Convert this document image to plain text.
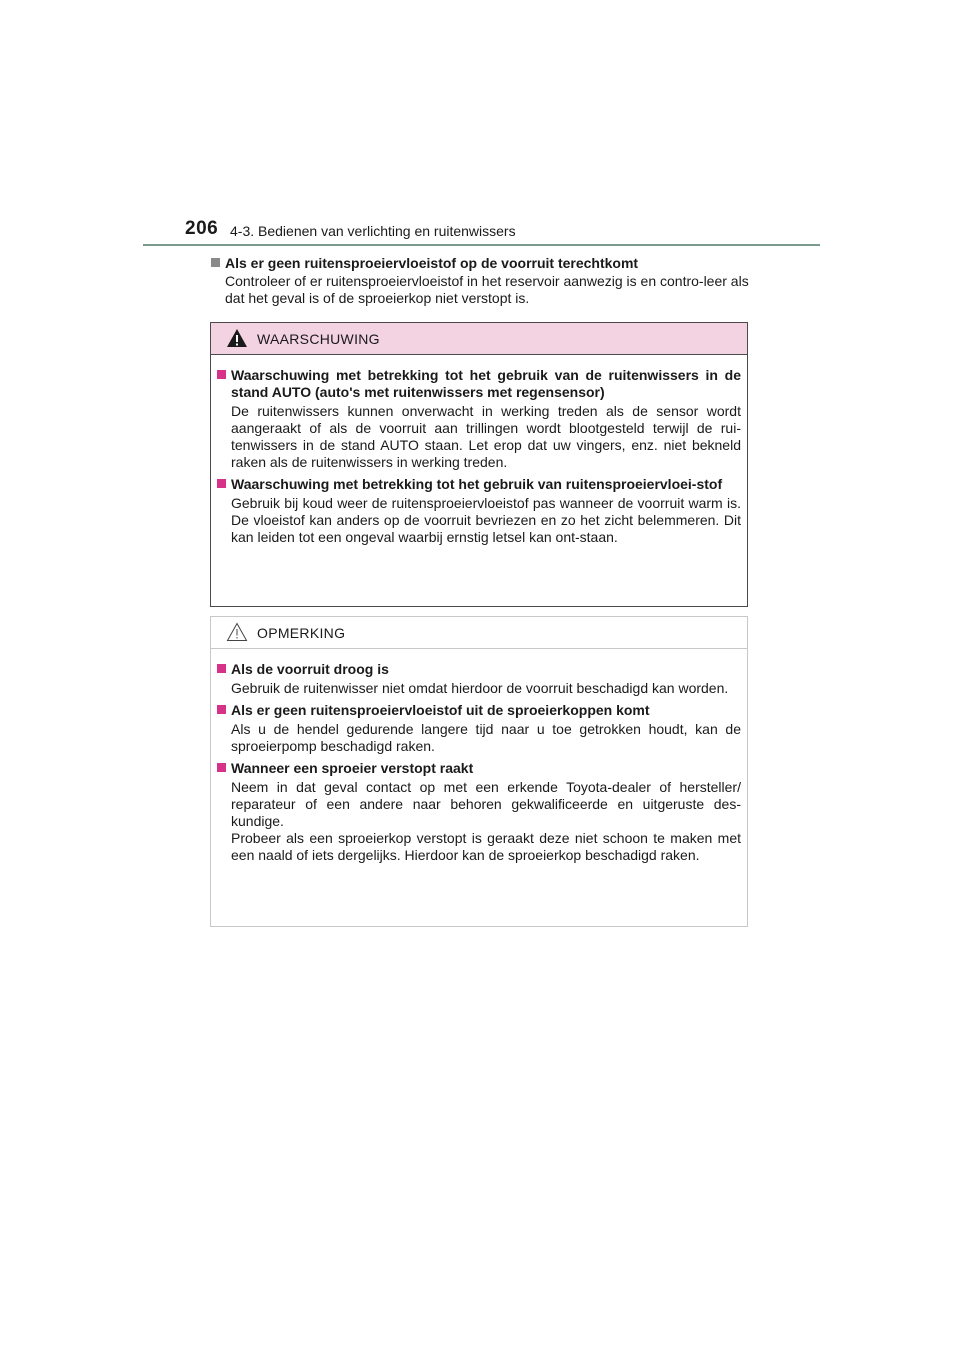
206 4-3. Bedienen van verlichting en ruitenwissers
Als er geen ruitensproeiervloeistof op de voorruit terechtkomt
Controleer of er ruitensproeiervloeistof in het reservoir aanwezig is en contro-leer als dat het geval is of de sproeierkop niet verstopt is.
WAARSCHUWING
Waarschuwing met betrekking tot het gebruik van de ruitenwissers in de stand AUTO (auto's met ruitenwissers met regensensor)
De ruitenwissers kunnen onverwacht in werking treden als de sensor wordt aangeraakt of als de voorruit aan trillingen wordt blootgesteld terwijl de rui-tenwissers in de stand AUTO staan. Let erop dat uw vingers, enz. niet bekneld raken als de ruitenwissers in werking treden.
Waarschuwing met betrekking tot het gebruik van ruitensproeiervloei-stof
Gebruik bij koud weer de ruitensproeiervloeistof pas wanneer de voorruit warm is. De vloeistof kan anders op de voorruit bevriezen en zo het zicht belemmeren. Dit kan leiden tot een ongeval waarbij ernstig letsel kan ont-staan.
OPMERKING
Als de voorruit droog is
Gebruik de ruitenwisser niet omdat hierdoor de voorruit beschadigd kan worden.
Als er geen ruitensproeiervloeistof uit de sproeierkoppen komt
Als u de hendel gedurende langere tijd naar u toe getrokken houdt, kan de sproeierpomp beschadigd raken.
Wanneer een sproeier verstopt raakt
Neem in dat geval contact op met een erkende Toyota-dealer of hersteller/ reparateur of een andere naar behoren gekwalificeerde en uitgeruste des-kundige.
Probeer als een sproeierkop verstopt is geraakt deze niet schoon te maken met een naald of iets dergelijks. Hierdoor kan de sproeierkop beschadigd raken.
